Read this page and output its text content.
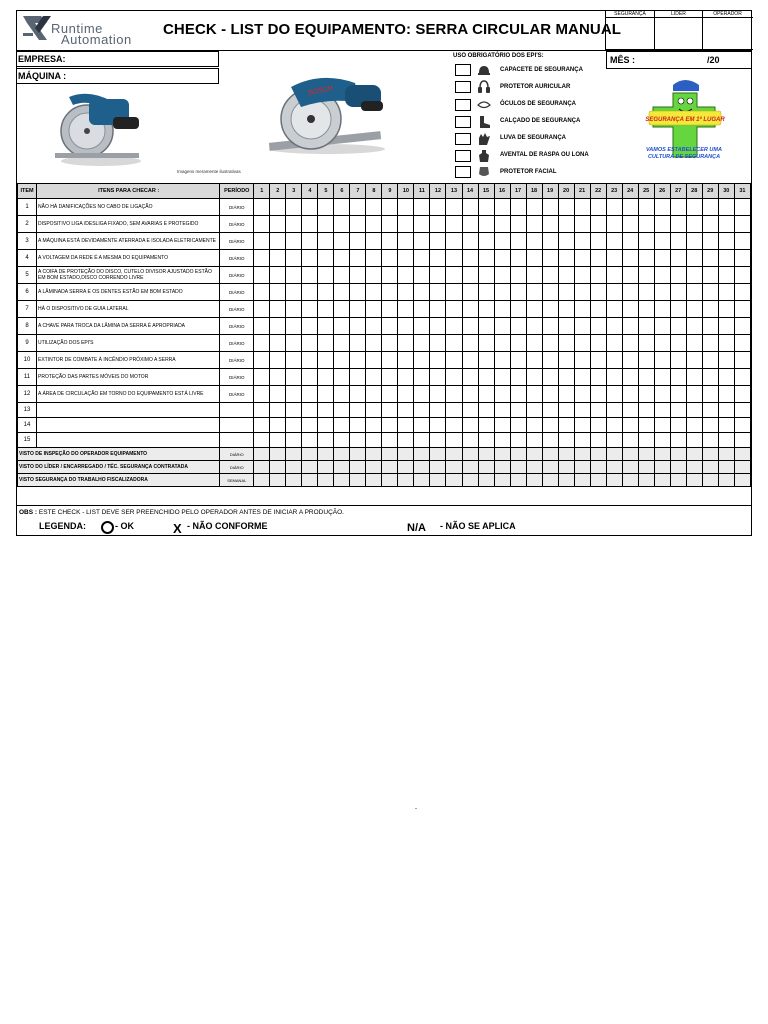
Runtime
Automation
CHECK - LIST DO EQUIPAMENTO: SERRA CIRCULAR MANUAL
SEGURANÇA	LÍDER	OPERADOR
EMPRESA:
MÁQUINA :
BOSCH
Imagens meramente ilustrativas
USO OBRIGATÓRIO DOS EPI'S:
CAPACETE DE SEGURANÇA
PROTETOR AURICULAR
ÓCULOS DE SEGURANÇA
CALÇADO DE SEGURANÇA
LUVA DE SEGURANÇA
AVENTAL DE RASPA OU LONA
PROTETOR FACIAL
MÊS :	/20
SEGURANÇA EM 1º LUGAR
VAMOS ESTABELECER UMA
CULTURA DE SEGURANÇA
ITEM	ITENS PARA CHECAR :	PERÍODO	1	2	3	4	5	6	7	8	9	10	11	12	13	14	15	16	17	18	19	20	21	22	23	24	25	26	27	28	29	30	31
1	NÃO HÁ DANIFICAÇÕES NO CABO DE LIGAÇÃO	DIÁRIO																															
2	DISPOSITIVO LIGA /DESLIGA FIXADO, SEM AVARIAS E PROTEGIDO	DIÁRIO																															
3	A MÁQUINA ESTÁ DEVIDAMENTE ATERRADA E ISOLADA ELETRICAMENTE	DIÁRIO																															
4	A VOLTAGEM DA REDE É A MESMA DO EQUIPAMENTO	DIÁRIO																															
5	A COIFA DE PROTEÇÃO DO DISCO, CUTELO DIVISOR AJUSTADO ESTÃO EM BOM ESTADO,DISCO CORRENDO LIVRE	DIÁRIO																															
6	A LÂMINADA SERRA E OS DENTES ESTÃO EM BOM ESTADO	DIÁRIO																															
7	HÁ O DISPOSITIVO DE GUIA LATERAL	DIÁRIO																															
8	A CHAVE PARA TROCA DA LÂMINA DA SERRA É APROPRIADA	DIÁRIO																															
9	UTILIZAÇÃO DOS EPI'S	DIÁRIO																															
10	EXTINTOR DE COMBATE À INCÊNDIO PRÓXIMO A SERRA	DIÁRIO																															
11	PROTEÇÃO DAS PARTES MÓVEIS DO MOTOR	DIÁRIO																															
12	A ÁREA DE CIRCULAÇÃO EM TORNO DO EQUIPAMENTO ESTÁ LIVRE	DIÁRIO																															
13																																	
14																																	
15																																	
VISTO DE INSPEÇÃO DO OPERADOR EQUIPAMENTO		DIÁRIO																															
VISTO DO LÍDER / ENCARREGADO / TÉC. SEGURANÇA CONTRATADA		DIÁRIO																															
VISTO SEGURANÇA DO TRABALHO FISCALIZADORA		SEMANAL																															
OBS : ESTE CHECK - LIST DEVE SER PREENCHIDO PELO OPERADOR ANTES DE INICIAR A PRODUÇÃO.
LEGENDA:	- OK	X - NÃO CONFORME	N/A - NÃO SE APLICA
-
